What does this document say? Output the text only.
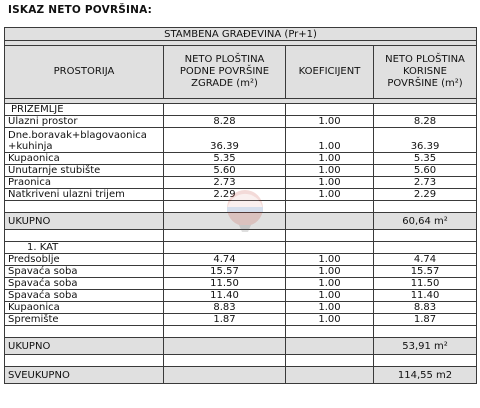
ISKAZ NETO POVRŠINA:
STAMBENA GRAĐEVINA (Pr+1)			

PROSTORIJA	NETO PLOŠTINA PODNE POVRŠINE ZGRADE (m²)	KOEFICIJENT	NETO PLOŠTINA KORISNE POVRŠINE (m²)

PRIZEMLJE			
Ulazni prostor	8.28	1.00	8.28
Dne.boravak+blagovaonica +kuhinja	36.39	1.00	36.39
Kupaonica	5.35	1.00	5.35
Unutarnje stubište	5.60	1.00	5.60
Praonica	2.73	1.00	2.73
Natkriveni ulazni trijem	2.29	1.00	2.29

UKUPNO			60,64 m²

1. KAT			
Predsoblje	4.74	1.00	4.74
Spavaća soba	15.57	1.00	15.57
Spavaća soba	11.50	1.00	11.50
Spavaća soba	11.40	1.00	11.40
Kupaonica	8.83	1.00	8.83
Spremište	1.87	1.00	1.87

UKUPNO			53,91 m²

SVEUKUPNO			114,55 m2
